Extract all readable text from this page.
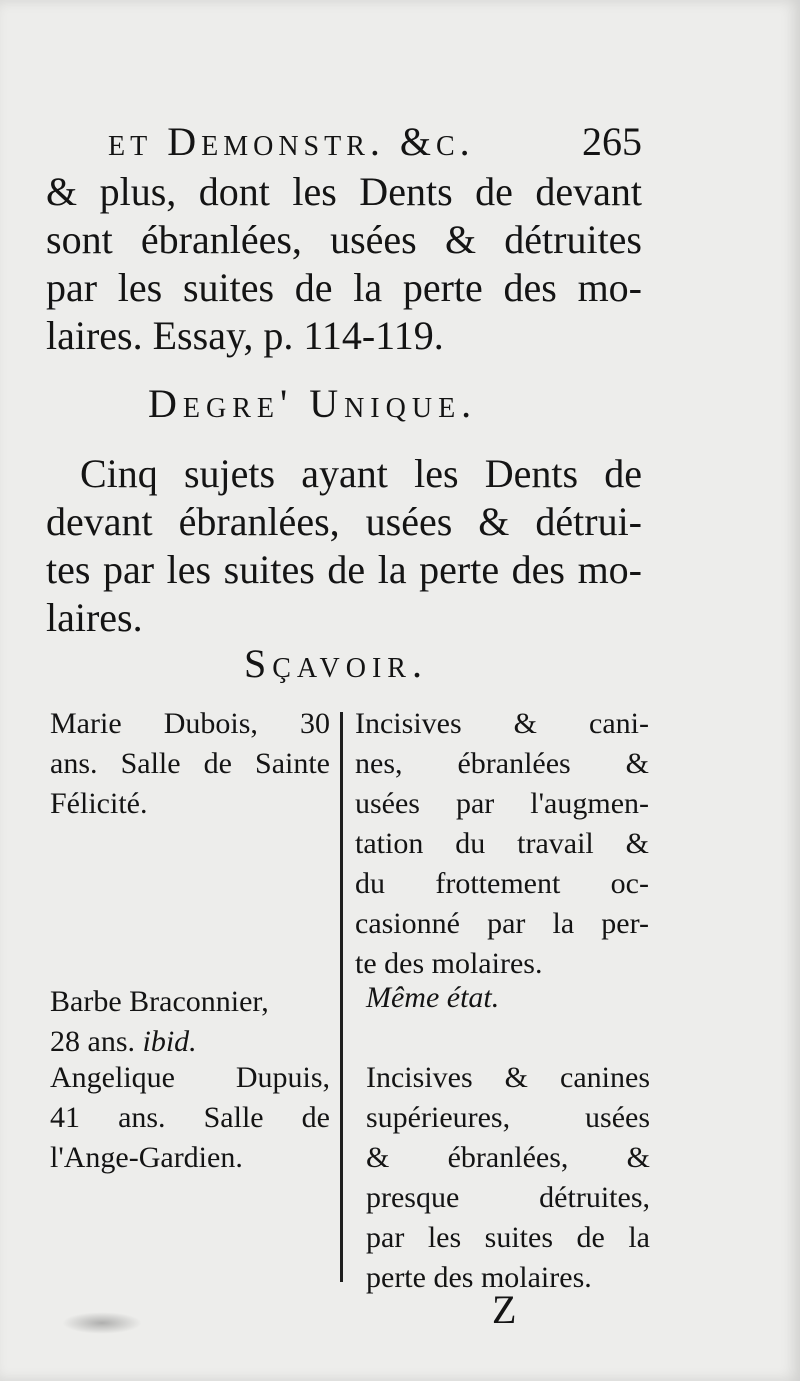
et Demonstr. &c.	265
& plus, dont les Dents de devant
sont ébranlées, usées & détruites
par les suites de la perte des mo-
laires. Essay, p. 114-119.
Degre' Unique.
Cinq sujets ayant les Dents de
devant ébranlées, usées & détrui-
tes par les suites de la perte des mo-
laires.
Sçavoir.
Marie Dubois, 30
ans. Salle de Sainte
Félicité.
Incisives & cani-
nes, ébranlées &
usées par l'augmen-
tation du travail &
du frottement oc-
casionné par la per-
te des molaires.
Barbe Braconnier,
28 ans. ibid.
Même état.
Angelique Dupuis,
41 ans. Salle de
l'Ange-Gardien.
Incisives & canines
supérieures, usées
& ébranlées, &
presque détruites,
par les suites de la
perte des molaires.
Z
